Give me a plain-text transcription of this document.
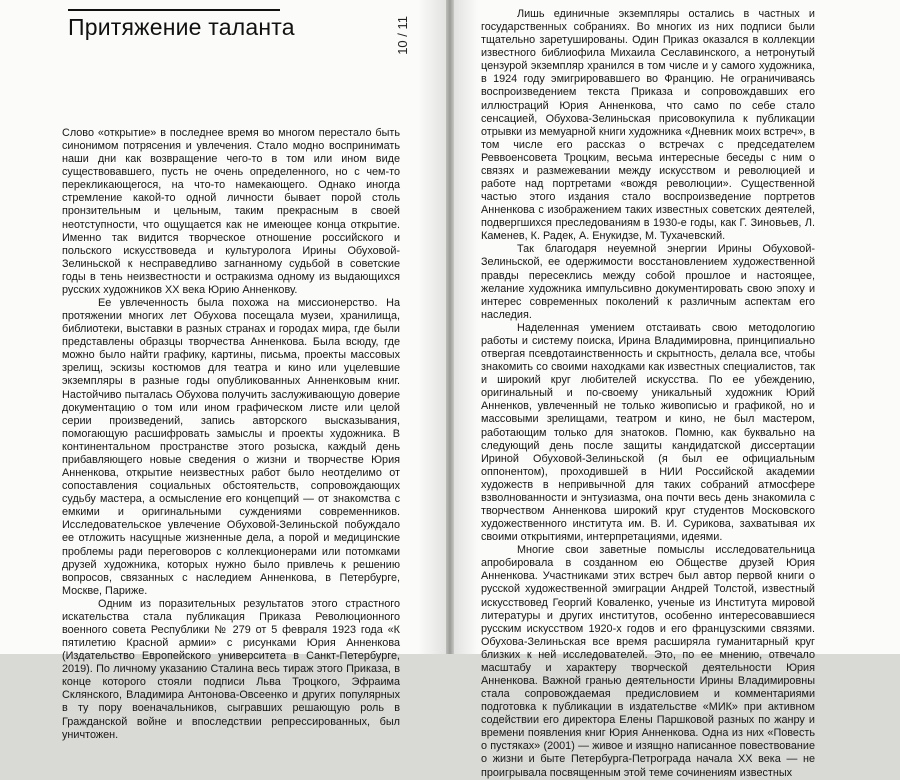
Притяжение таланта	10 / 11

Слово «открытие» в последнее время во многом перестало быть синонимом потрясения и увлечения. Стало модно воспринимать наши дни как возвращение чего-то в том или ином виде существовавшего, пусть не очень определенного, но с чем-то перекликающегося, на что-то намекающего. Однако иногда стремление какой-то одной личности бывает порой столь пронзительным и цельным, таким прекрасным в своей неотступности, что ощущается как не имеющее конца открытие. Именно так видится творческое отношение российского и польского искусствоведа и культуролога Ирины Обуховой-Зелиньской к несправедливо загнанному судьбой в советские годы в тень неизвестности и остракизма одному из выдающихся русских художников XX века Юрию Анненкову.

Ее увлеченность была похожа на миссионерство. На протяжении многих лет Обухова посещала музеи, хранилища, библиотеки, выставки в разных странах и городах мира, где были представлены образцы творчества Анненкова. Была всюду, где можно было найти графику, картины, письма, проекты массовых зрелищ, эскизы костюмов для театра и кино или уцелевшие экземпляры в разные годы опубликованных Анненковым книг. Настойчиво пыталась Обухова получить заслуживающую доверие документацию о том или ином графическом листе или целой серии произведений, запись авторского высказывания, помогающую расшифровать замыслы и проекты художника. В континентальном пространстве этого розыска, каждый день прибавляющего новые сведения о жизни и творчестве Юрия Анненкова, открытие неизвестных работ было неотделимо от сопоставления социальных обстоятельств, сопровождающих судьбу мастера, а осмысление его концепций — от знакомства с емкими и оригинальными суждениями современников. Исследовательское увлечение Обуховой-Зелиньской побуждало ее отложить насущные жизненные дела, а порой и медицинские проблемы ради переговоров с коллекционерами или потомками друзей художника, которых нужно было привлечь к решению вопросов, связанных с наследием Анненкова, в Петербурге, Москве, Париже.

Одним из поразительных результатов этого страстного искательства стала публикация Приказа Революционного военного совета Республики № 279 от 5 февраля 1923 года «К пятилетию Красной армии» с рисунками Юрия Анненкова (Издательство Европейского университета в Санкт-Петербурге, 2019). По личному указанию Сталина весь тираж этого Приказа, в конце которого стояли подписи Льва Троцкого, Эфраима Склянского, Владимира Антонова-Овсеенко и других популярных в ту пору военачальников, сыгравших решающую роль в Гражданской войне и впоследствии репрессированных, был уничтожен.

Лишь единичные экземпляры остались в частных и государственных собраниях. Во многих из них подписи были тщательно заретушированы. Один Приказ оказался в коллекции известного библиофила Михаила Сеславинского, а нетронутый цензурой экземпляр хранился в том числе и у самого художника, в 1924 году эмигрировавшего во Францию. Не ограничиваясь воспроизведением текста Приказа и сопровождавших его иллюстраций Юрия Анненкова, что само по себе стало сенсацией, Обухова-Зелиньская присовокупила к публикации отрывки из мемуарной книги художника «Дневник моих встреч», в том числе его рассказ о встречах с председателем Реввоенсовета Троцким, весьма интересные беседы с ним о связях и размежевании между искусством и революцией и работе над портретами «вождя революции». Существенной частью этого издания стало воспроизведение портретов Анненкова с изображением таких известных советских деятелей, подвергшихся преследованиям в 1930-е годы, как Г. Зиновьев, Л. Каменев, К. Радек, А. Енукидзе, М. Тухачевский.

Так благодаря неуемной энергии Ирины Обуховой-Зелиньской, ее одержимости восстановлением художественной правды пересеклись между собой прошлое и настоящее, желание художника импульсивно документировать свою эпоху и интерес современных поколений к различным аспектам его наследия.

Наделенная умением отстаивать свою методологию работы и систему поиска, Ирина Владимировна, принципиально отвергая псевдотаинственность и скрытность, делала все, чтобы знакомить со своими находками как известных специалистов, так и широкий круг любителей искусства. По ее убеждению, оригинальный и по-своему уникальный художник Юрий Анненков, увлеченный не только живописью и графикой, но и массовыми зрелищами, театром и кино, не был мастером, работающим только для знатоков. Помню, как буквально на следующий день после защиты кандидатской диссертации Ириной Обуховой-Зелиньской (я был ее официальным оппонентом), проходившей в НИИ Российской академии художеств в непривычной для таких собраний атмосфере взволнованности и энтузиазма, она почти весь день знакомила с творчеством Анненкова широкий круг студентов Московского художественного института им. В. И. Сурикова, захватывая их своими открытиями, интерпретациями, идеями.

Многие свои заветные помыслы исследовательница апробировала в созданном ею Обществе друзей Юрия Анненкова. Участниками этих встреч был автор первой книги о русской художественной эмиграции Андрей Толстой, известный искусствовед Георгий Коваленко, ученые из Института мировой литературы и других институтов, особенно интересовавшиеся русским искусством 1920-х годов и его французскими связями. Обухова-Зелиньская все время расширяла гуманитарный круг близких к ней исследователей. Это, по ее мнению, отвечало масштабу и характеру творческой деятельности Юрия Анненкова. Важной гранью деятельности Ирины Владимировны стала сопровождаемая предисловием и комментариями подготовка к публикации в издательстве «МИК» при активном содействии его директора Елены Паршковой разных по жанру и времени появления книг Юрия Анненкова. Одна из них «Повесть о пустяках» (2001) — живое и изящно написанное повествование о жизни и быте Петербурга-Петрограда начала XX века — не проигрывала посвященным этой теме сочинениям известных
